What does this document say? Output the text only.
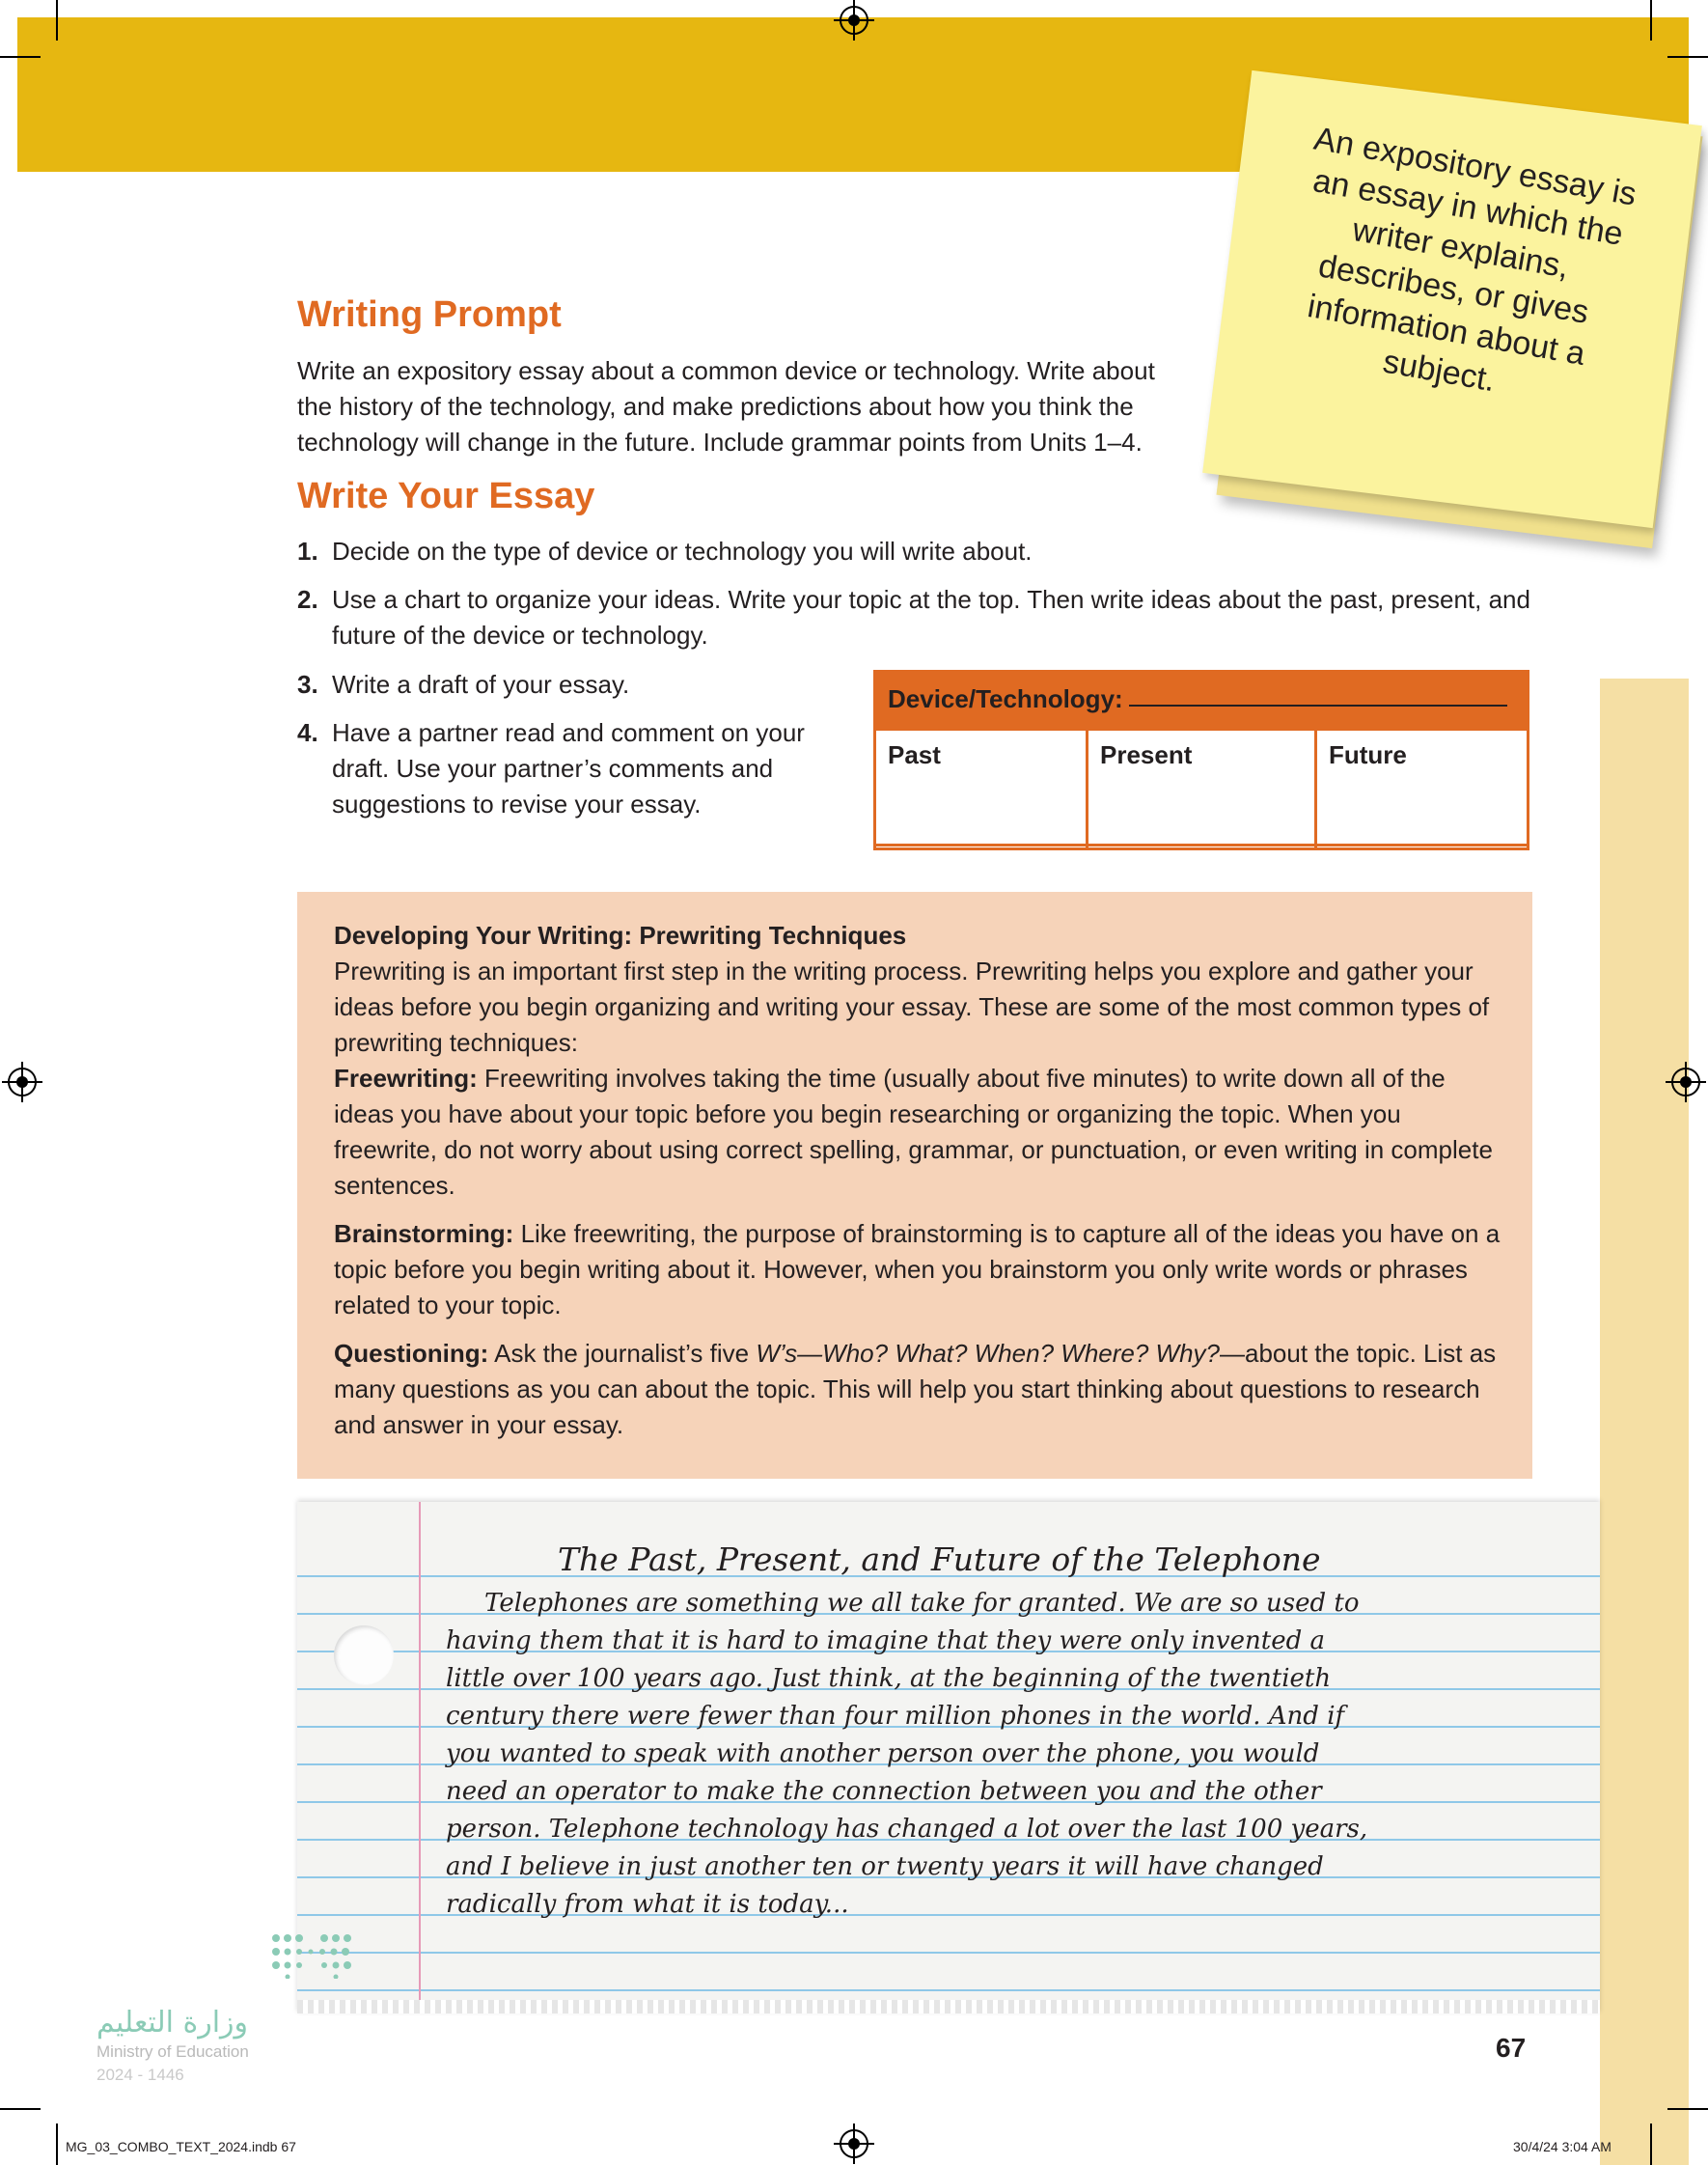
An expository essay is an essay in which the writer explains, describes, or gives information about a subject.
Writing Prompt
Write an expository essay about a common device or technology. Write about the history of the technology, and make predictions about how you think the technology will change in the future. Include grammar points from Units 1–4.
Write Your Essay
1. Decide on the type of device or technology you will write about.
2. Use a chart to organize your ideas. Write your topic at the top. Then write ideas about the past, present, and future of the device or technology.
3. Write a draft of your essay.
4. Have a partner read and comment on your draft. Use your partner’s comments and suggestions to revise your essay.
Device/Technology:
Past	Present	Future

Developing Your Writing: Prewriting Techniques
Prewriting is an important first step in the writing process. Prewriting helps you explore and gather your ideas before you begin organizing and writing your essay. These are some of the most common types of prewriting techniques:

Freewriting: Freewriting involves taking the time (usually about five minutes) to write down all of the ideas you have about your topic before you begin researching or organizing the topic. When you freewrite, do not worry about using correct spelling, grammar, or punctuation, or even writing in complete sentences.

Brainstorming: Like freewriting, the purpose of brainstorming is to capture all of the ideas you have on a topic before you begin writing about it. However, when you brainstorm you only write words or phrases related to your topic.

Questioning: Ask the journalist’s five W’s—Who? What? When? Where? Why?—about the topic. List as many questions as you can about the topic. This will help you start thinking about questions to research and answer in your essay.

The Past, Present, and Future of the Telephone
Telephones are something we all take for granted. We are so used to having them that it is hard to imagine that they were only invented a little over 100 years ago. Just think, at the beginning of the twentieth century there were fewer than four million phones in the world. And if you wanted to speak with another person over the phone, you would need an operator to make the connection between you and the other person. Telephone technology has changed a lot over the last 100 years, and I believe in just another ten or twenty years it will have changed radically from what it is today...
وزارة التعليم
Ministry of Education
2024 - 1446
67
MG_03_COMBO_TEXT_2024.indb 67	30/4/24 3:04 AM
